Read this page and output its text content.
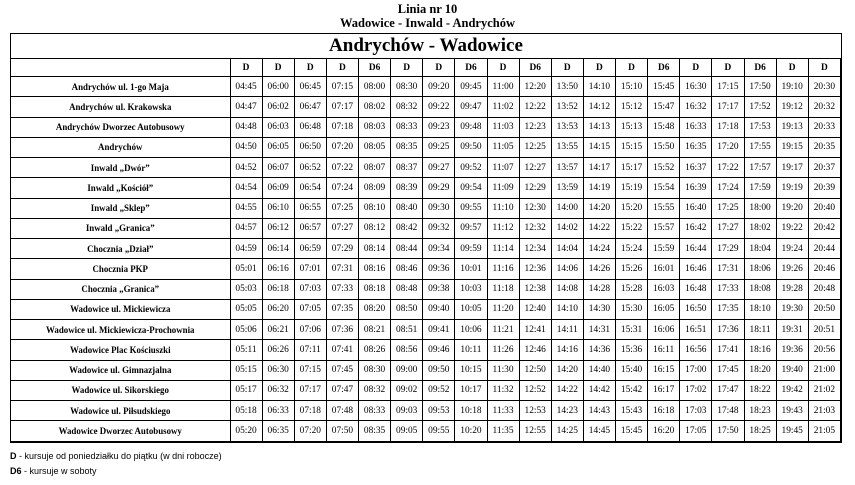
Linia nr 10
Wadowice - Inwald - Andrychów
Andrychów - Wadowice
	D	D	D	D	D6	D	D	D6	D	D6	D	D	D	D6	D	D	D6	D	D
Andrychów ul. 1-go Maja	04:45	06:00	06:45	07:15	08:00	08:30	09:20	09:45	11:00	12:20	13:50	14:10	15:10	15:45	16:30	17:15	17:50	19:10	20:30
Andrychów ul. Krakowska	04:47	06:02	06:47	07:17	08:02	08:32	09:22	09:47	11:02	12:22	13:52	14:12	15:12	15:47	16:32	17:17	17:52	19:12	20:32
Andrychów Dworzec Autobusowy	04:48	06:03	06:48	07:18	08:03	08:33	09:23	09:48	11:03	12:23	13:53	14:13	15:13	15:48	16:33	17:18	17:53	19:13	20:33
Andrychów	04:50	06:05	06:50	07:20	08:05	08:35	09:25	09:50	11:05	12:25	13:55	14:15	15:15	15:50	16:35	17:20	17:55	19:15	20:35
Inwald „Dwór”	04:52	06:07	06:52	07:22	08:07	08:37	09:27	09:52	11:07	12:27	13:57	14:17	15:17	15:52	16:37	17:22	17:57	19:17	20:37
Inwald „Kościół”	04:54	06:09	06:54	07:24	08:09	08:39	09:29	09:54	11:09	12:29	13:59	14:19	15:19	15:54	16:39	17:24	17:59	19:19	20:39
Inwald „Sklep”	04:55	06:10	06:55	07:25	08:10	08:40	09:30	09:55	11:10	12:30	14:00	14:20	15:20	15:55	16:40	17:25	18:00	19:20	20:40
Inwald „Granica”	04:57	06:12	06:57	07:27	08:12	08:42	09:32	09:57	11:12	12:32	14:02	14:22	15:22	15:57	16:42	17:27	18:02	19:22	20:42
Chocznia „Dział”	04:59	06:14	06:59	07:29	08:14	08:44	09:34	09:59	11:14	12:34	14:04	14:24	15:24	15:59	16:44	17:29	18:04	19:24	20:44
Chocznia PKP	05:01	06:16	07:01	07:31	08:16	08:46	09:36	10:01	11:16	12:36	14:06	14:26	15:26	16:01	16:46	17:31	18:06	19:26	20:46
Chocznia „Granica”	05:03	06:18	07:03	07:33	08:18	08:48	09:38	10:03	11:18	12:38	14:08	14:28	15:28	16:03	16:48	17:33	18:08	19:28	20:48
Wadowice ul. Mickiewicza	05:05	06:20	07:05	07:35	08:20	08:50	09:40	10:05	11:20	12:40	14:10	14:30	15:30	16:05	16:50	17:35	18:10	19:30	20:50
Wadowice ul. Mickiewicza-Prochownia	05:06	06:21	07:06	07:36	08:21	08:51	09:41	10:06	11:21	12:41	14:11	14:31	15:31	16:06	16:51	17:36	18:11	19:31	20:51
Wadowice Plac Kościuszki	05:11	06:26	07:11	07:41	08:26	08:56	09:46	10:11	11:26	12:46	14:16	14:36	15:36	16:11	16:56	17:41	18:16	19:36	20:56
Wadowice ul. Gimnazjalna	05:15	06:30	07:15	07:45	08:30	09:00	09:50	10:15	11:30	12:50	14:20	14:40	15:40	16:15	17:00	17:45	18:20	19:40	21:00
Wadowice ul. Sikorskiego	05:17	06:32	07:17	07:47	08:32	09:02	09:52	10:17	11:32	12:52	14:22	14:42	15:42	16:17	17:02	17:47	18:22	19:42	21:02
Wadowice ul. Piłsudskiego	05:18	06:33	07:18	07:48	08:33	09:03	09:53	10:18	11:33	12:53	14:23	14:43	15:43	16:18	17:03	17:48	18:23	19:43	21:03
Wadowice Dworzec Autobusowy	05:20	06:35	07:20	07:50	08:35	09:05	09:55	10:20	11:35	12:55	14:25	14:45	15:45	16:20	17:05	17:50	18:25	19:45	21:05
D - kursuje od poniedziałku do piątku (w dni robocze)
D6 - kursuje w soboty
